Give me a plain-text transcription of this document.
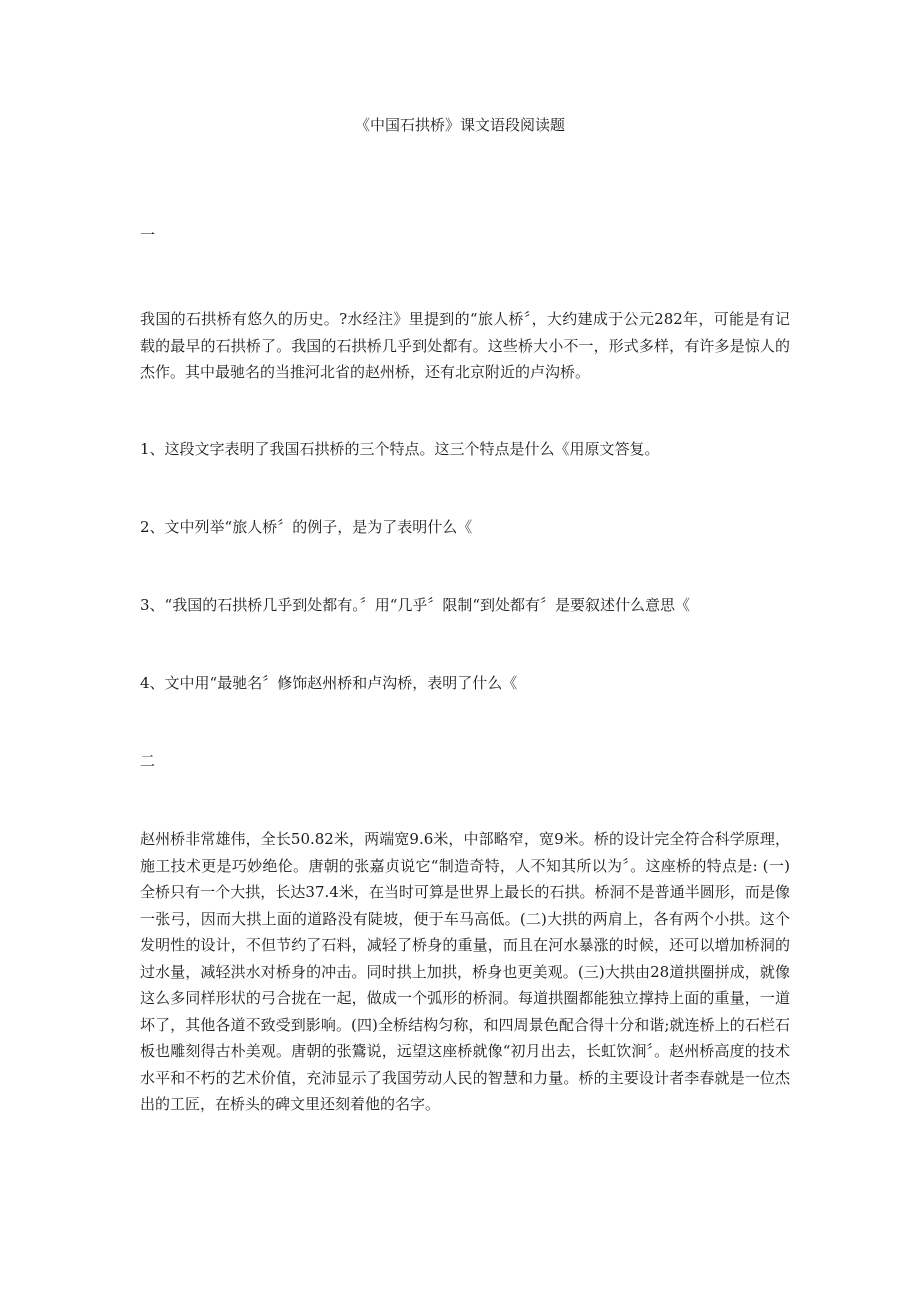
《中国石拱桥》课文语段阅读题
一
我国的石拱桥有悠久的历史。?水经注》里提到的“旅人桥〞，大约建成于公元282年，可能是有记载的最早的石拱桥了。我国的石拱桥几乎到处都有。这些桥大小不一，形式多样，有许多是惊人的杰作。其中最驰名的当推河北省的赵州桥，还有北京附近的卢沟桥。
1、这段文字表明了我国石拱桥的三个特点。这三个特点是什么《用原文答复。
2、文中列举“旅人桥〞的例子，是为了表明什么《
3、“我国的石拱桥几乎到处都有。〞用“几乎〞限制“到处都有〞是要叙述什么意思《
4、文中用“最驰名〞修饰赵州桥和卢沟桥，表明了什么《
二
赵州桥非常雄伟，全长50.82米，两端宽9.6米，中部略窄，宽9米。桥的设计完全符合科学原理，施工技术更是巧妙绝伦。唐朝的张嘉贞说它“制造奇特，人不知其所以为〞。这座桥的特点是: (一)全桥只有一个大拱，长达37.4米，在当时可算是世界上最长的石拱。桥洞不是普通半圆形，而是像一张弓，因而大拱上面的道路没有陡坡，便于车马高低。(二)大拱的两肩上，各有两个小拱。这个发明性的设计，不但节约了石料，减轻了桥身的重量，而且在河水暴涨的时候，还可以增加桥洞的过水量，减轻洪水对桥身的冲击。同时拱上加拱，桥身也更美观。(三)大拱由28道拱圈拼成，就像这么多同样形状的弓合拢在一起，做成一个弧形的桥洞。每道拱圈都能独立撑持上面的重量，一道坏了，其他各道不致受到影响。(四)全桥结构匀称，和四周景色配合得十分和谐;就连桥上的石栏石板也雕刻得古朴美观。唐朝的张鷟说，远望这座桥就像“初月出去，长虹饮涧〞。赵州桥高度的技术水平和不朽的艺术价值，充沛显示了我国劳动人民的智慧和力量。桥的主要设计者李春就是一位杰出的工匠，在桥头的碑文里还刻着他的名字。
